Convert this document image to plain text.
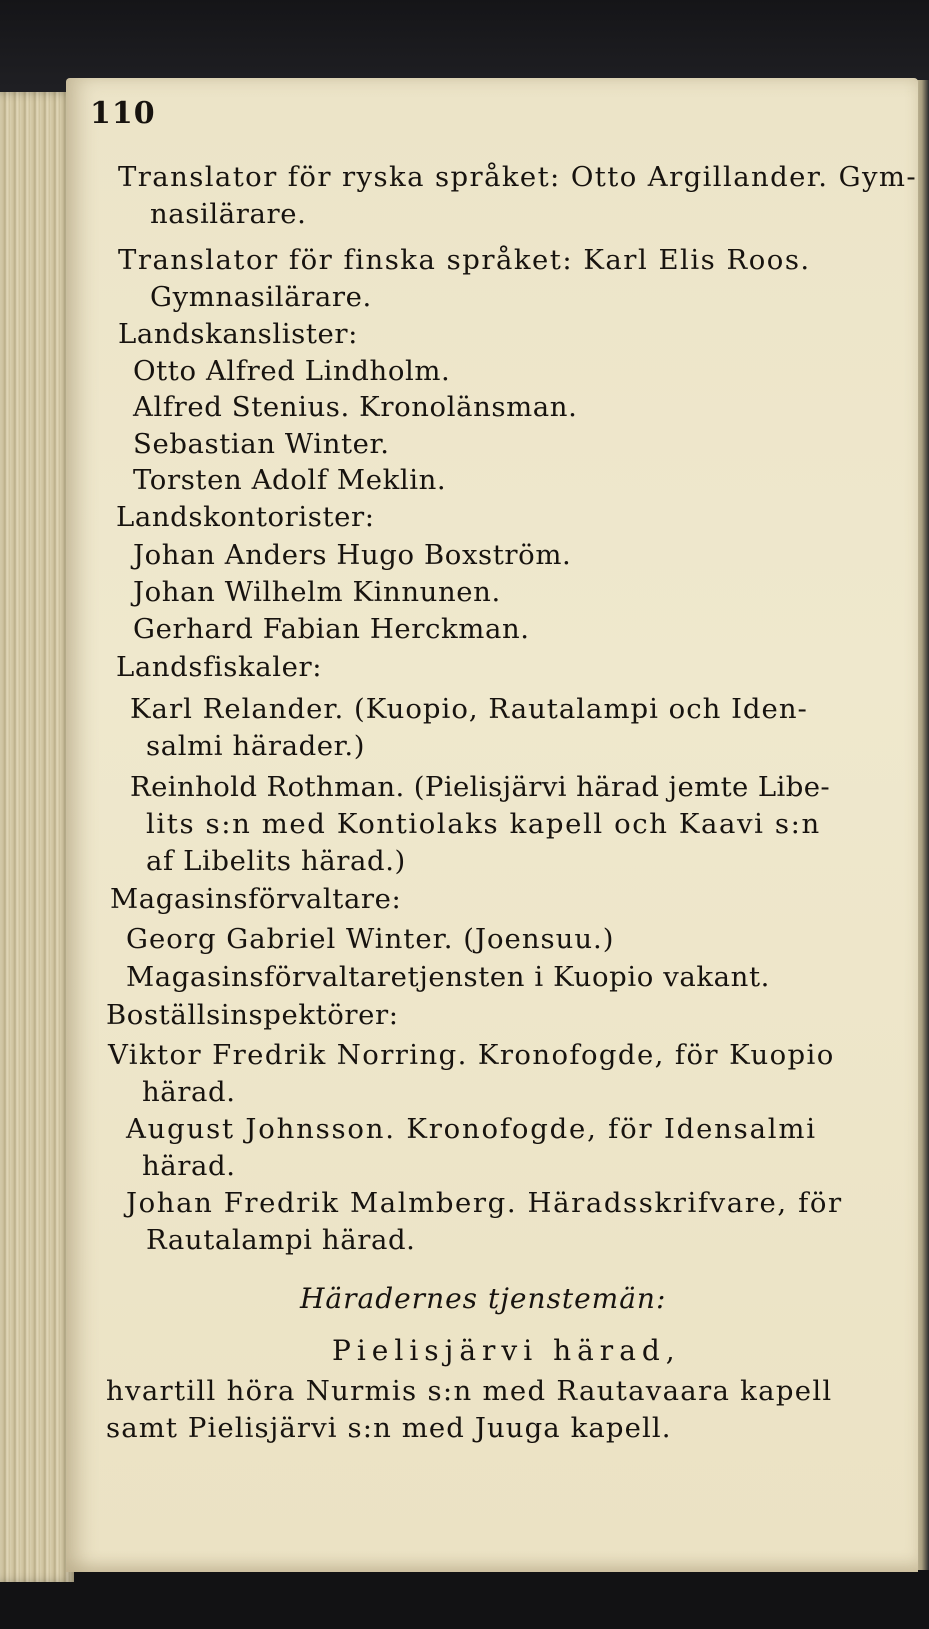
110
Translator för ryska språket: Otto Argillander. Gym-
nasilärare.
Translator för finska språket: Karl Elis Roos.
Gymnasilärare.
Landskanslister:
Otto Alfred Lindholm.
Alfred Stenius. Kronolänsman.
Sebastian Winter.
Torsten Adolf Meklin.
Landskontorister:
Johan Anders Hugo Boxström.
Johan Wilhelm Kinnunen.
Gerhard Fabian Herckman.
Landsfiskaler:
Karl Relander. (Kuopio, Rautalampi och Iden-
salmi härader.)
Reinhold Rothman. (Pielisjärvi härad jemte Libe-
lits s:n med Kontiolaks kapell och Kaavi s:n
af Libelits härad.)
Magasinsförvaltare:
Georg Gabriel Winter. (Joensuu.)
Magasinsförvaltaretjensten i Kuopio vakant.
Boställsinspektörer:
Viktor Fredrik Norring. Kronofogde, för Kuopio
härad.
August Johnsson. Kronofogde, för Idensalmi
härad.
Johan Fredrik Malmberg. Häradsskrifvare, för
Rautalampi härad.
Häradernes tjenstemän:
Pielisjärvi härad,
hvartill höra Nurmis s:n med Rautavaara kapell
samt Pielisjärvi s:n med Juuga kapell.
